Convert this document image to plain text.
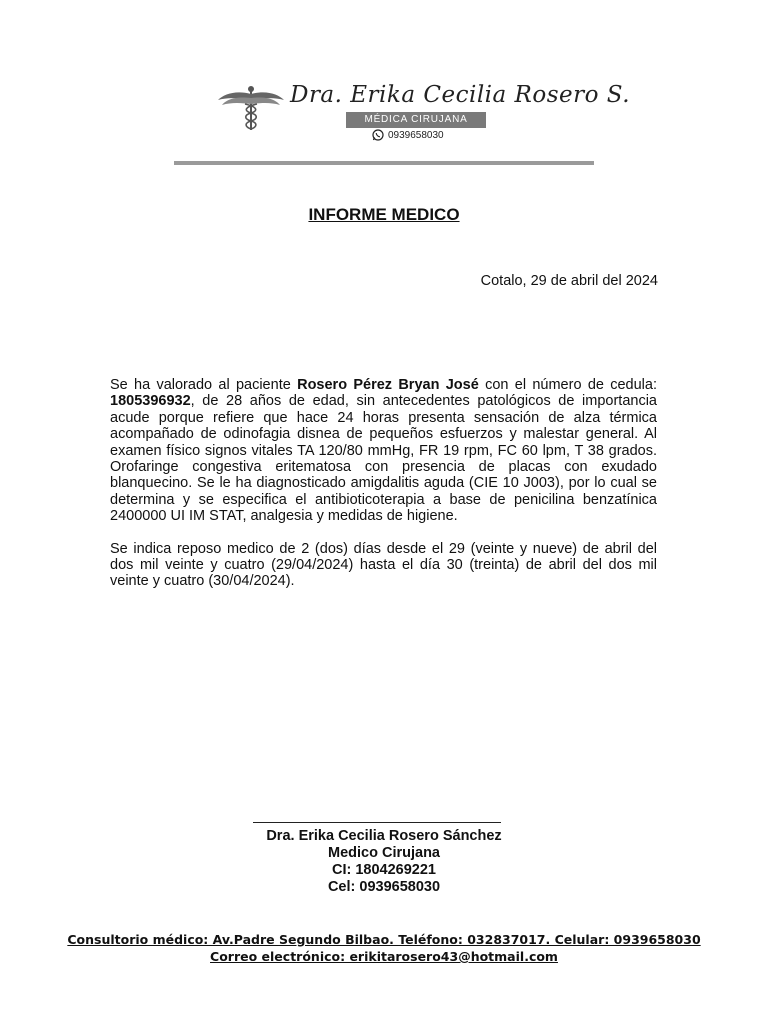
Dra. Erika Cecilia Rosero S.
MÉDICA CIRUJANA
0939658030
INFORME MEDICO
Cotalo, 29 de abril del 2024

Se ha valorado al paciente Rosero Pérez Bryan José con el número de cedula: 1805396932, de 28 años de edad, sin antecedentes patológicos de importancia acude porque refiere que hace 24 horas presenta sensación de alza térmica acompañado de odinofagia disnea de pequeños esfuerzos y malestar general. Al examen físico signos vitales TA 120/80 mmHg, FR 19 rpm, FC 60 lpm, T 38 grados. Orofaringe congestiva eritematosa con presencia de placas con exudado blanquecino. Se le ha diagnosticado amigdalitis aguda (CIE 10 J003), por lo cual se determina y se especifica el antibioticoterapia a base de penicilina benzatínica 2400000 UI IM STAT, analgesia y medidas de higiene.

Se indica reposo medico de 2 (dos) días desde el 29 (veinte y nueve) de abril del dos mil veinte y cuatro (29/04/2024) hasta el día 30 (treinta) de abril del dos mil veinte y cuatro (30/04/2024).

Dra. Erika Cecilia Rosero Sánchez
Medico Cirujana
CI: 1804269221
Cel: 0939658030
Consultorio médico: Av.Padre Segundo Bilbao. Teléfono: 032837017. Celular: 0939658030
Correo electrónico: erikitarosero43@hotmail.com
